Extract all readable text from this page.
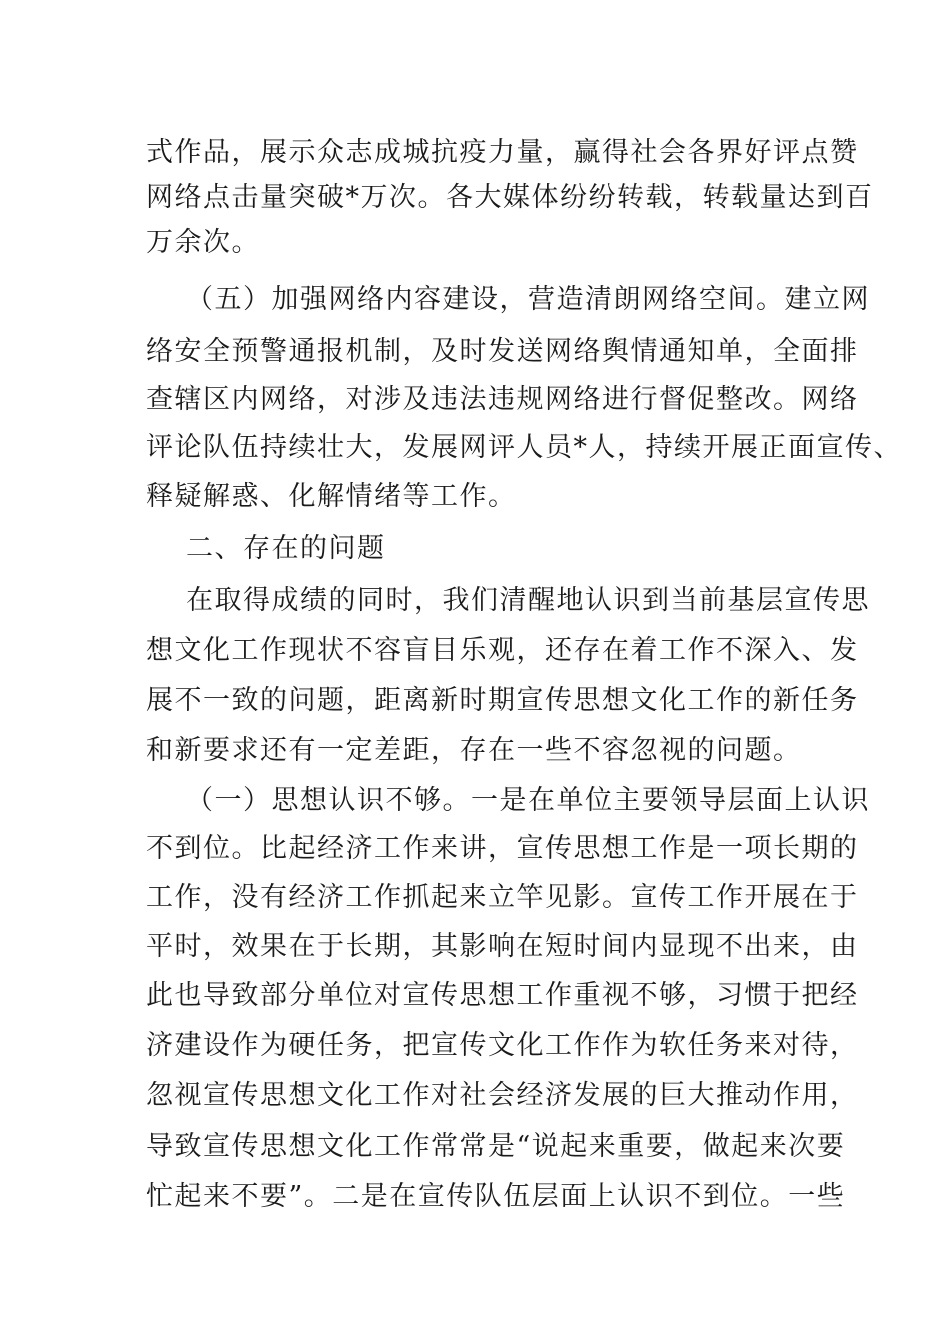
式作品，展示众志成城抗疫力量，赢得社会各界好评点赞
网络点击量突破*万次。各大媒体纷纷转载，转载量达到百
万余次。
（五）加强网络内容建设，营造清朗网络空间。建立网
络安全预警通报机制，及时发送网络舆情通知单，全面排
查辖区内网络，对涉及违法违规网络进行督促整改。网络
评论队伍持续壮大，发展网评人员*人，持续开展正面宣传、
释疑解惑、化解情绪等工作。
二、存在的问题
在取得成绩的同时，我们清醒地认识到当前基层宣传思
想文化工作现状不容盲目乐观，还存在着工作不深入、发
展不一致的问题，距离新时期宣传思想文化工作的新任务
和新要求还有一定差距，存在一些不容忽视的问题。
（一）思想认识不够。一是在单位主要领导层面上认识
不到位。比起经济工作来讲，宣传思想工作是一项长期的
工作，没有经济工作抓起来立竿见影。宣传工作开展在于
平时，效果在于长期，其影响在短时间内显现不出来，由
此也导致部分单位对宣传思想工作重视不够，习惯于把经
济建设作为硬任务，把宣传文化工作作为软任务来对待，
忽视宣传思想文化工作对社会经济发展的巨大推动作用，
导致宣传思想文化工作常常是“说起来重要，做起来次要
忙起来不要”。二是在宣传队伍层面上认识不到位。一些
